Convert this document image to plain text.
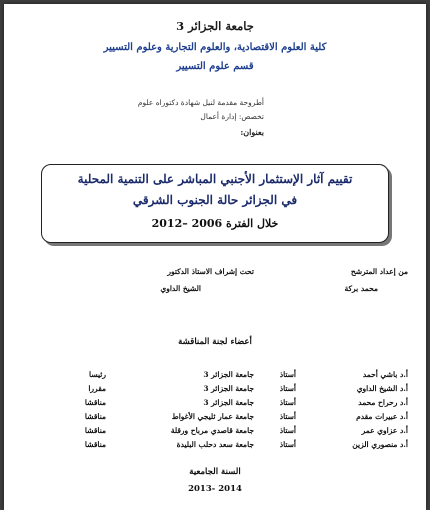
جامعة الجزائر 3
كلية العلوم الاقتصادية، والعلوم التجارية وعلوم التسيير
قسم علوم التسيير
أطروحة مقدمة لنيل شهادة دكتوراه علوم
تخصص: إدارة أعمال
بعنوان:
تقييم آثار الإستثمار الأجنبي المباشر على التنمية المحلية
في الجزائر حالة الجنوب الشرقي
خلال الفترة 2006 –2012
من إعداد المترشح
محمد بركة
تحت إشراف الاستاذ الدكتور
الشيخ الداوي
أعضاء لجنة المناقشة
أ.د باشي أحمد
أستاذ
جامعة الجزائر 3
رئيسا
أ.د الشيخ الداوي
أستاذ
جامعة الجزائر 3
مقررا
أ.د رحراح محمد
أستاذ
جامعة الجزائر 3
مناقشا
أ.د عبيرات مقدم
أستاذ
جامعة عمار ثليجي الأغواط
مناقشا
أ.د عزاوي عمر
أستاذ
جامعة قاصدي مرباح ورقلة
مناقشا
أ.د منصوري الزين
أستاذ
جامعة سعد دحلب البليدة
مناقشا
السنة الجامعية
2014 -2013
